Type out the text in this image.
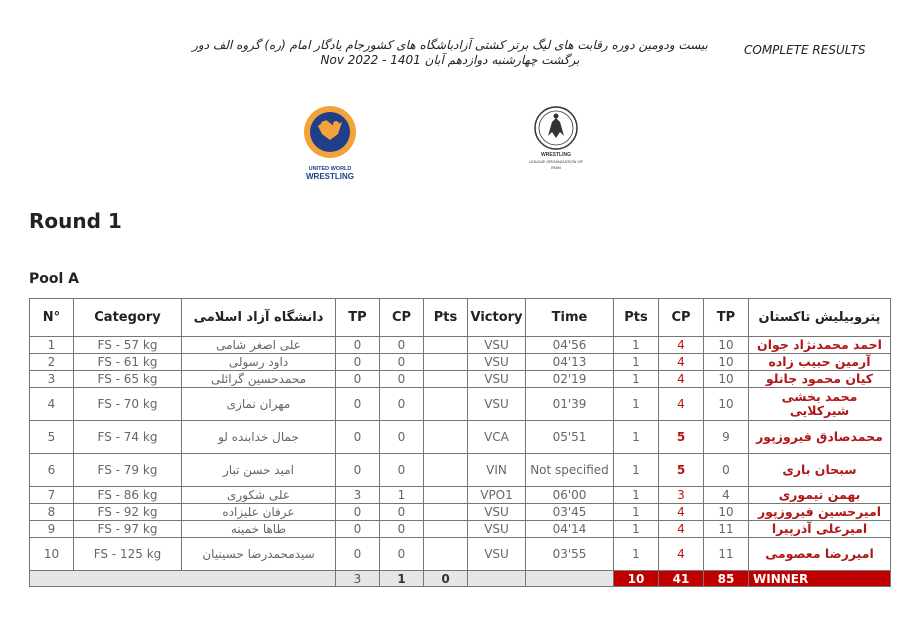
بیست ودومین دوره رقابت های لیگ برتر کشتی آزادباشگاه های کشورجام یادگار امام (ره) گروه الف دور
برگشت چهارشنبه دوازدهم آبان 1401 - Nov 2022
COMPLETE RESULTS
UNITED WORLD
WRESTLING
WRESTLING
LEAGUE ORGANIZATION OF
IRAN
Round 1
Pool A
N°	Category	دانشگاه آزاد اسلامی	TP	CP	Pts	Victory	Time	Pts	CP	TP	پتروبیلیش تاکستان
1	FS - 57 kg	علی اصغر شامی	0	0		VSU	04'56	1	4	10	احمد محمدنژاد جوان
2	FS - 61 kg	داود رسولی	0	0		VSU	04'13	1	4	10	آرمین حبیب زاده
3	FS - 65 kg	محمدحسین گرائلی	0	0		VSU	02'19	1	4	10	کیان محمود جانلو
4	FS - 70 kg	مهران نمازی	0	0		VSU	01'39	1	4	10	محمد بخشی شیرکلایی
5	FS - 74 kg	جمال خدابنده لو	0	0		VCA	05'51	1	5	9	محمدصادق فیروزپور
6	FS - 79 kg	امید حسن تبار	0	0		VIN	Not specified	1	5	0	سبحان باری
7	FS - 86 kg	علی شکوری	3	1		VPO1	06'00	1	3	4	بهمن تیموری
8	FS - 92 kg	عرفان علیزاده	0	0		VSU	03'45	1	4	10	امیرحسین فیروزپور
9	FS - 97 kg	طاها خمینه	0	0		VSU	04'14	1	4	11	امیرعلی آذرپیرا
10	FS - 125 kg	سیدمحمدرضا حسینیان	0	0		VSU	03'55	1	4	11	امیررضا معصومی
			3	1	0			10	41	85	WINNER
